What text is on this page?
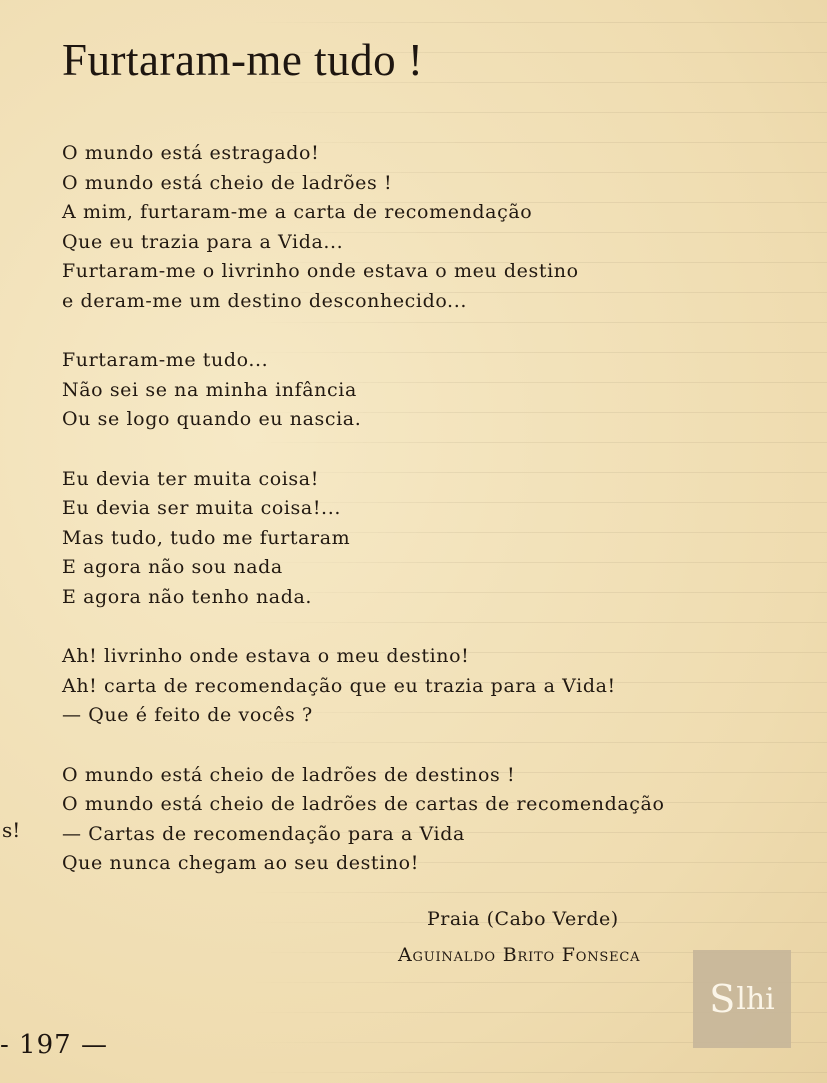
Furtaram-me tudo !
O mundo está estragado!
O mundo está cheio de ladrões !
A mim, furtaram-me a carta de recomendação
Que eu trazia para a Vida...
Furtaram-me o livrinho onde estava o meu destino
e deram-me um destino desconhecido...
Furtaram-me tudo...
Não sei se na minha infância
Ou se logo quando eu nascia.
Eu devia ter muita coisa!
Eu devia ser muita coisa!...
Mas tudo, tudo me furtaram
E agora não sou nada
E agora não tenho nada.
Ah! livrinho onde estava o meu destino!
Ah! carta de recomendação que eu trazia para a Vida!
— Que é feito de vocês ?
O mundo está cheio de ladrões de destinos !
O mundo está cheio de ladrões de cartas de recomendação
— Cartas de recomendação para a Vida
Que nunca chegam ao seu destino!
Praia (Cabo Verde)
Aguinaldo Brito Fonseca
s!
- 197 —
S lhi
